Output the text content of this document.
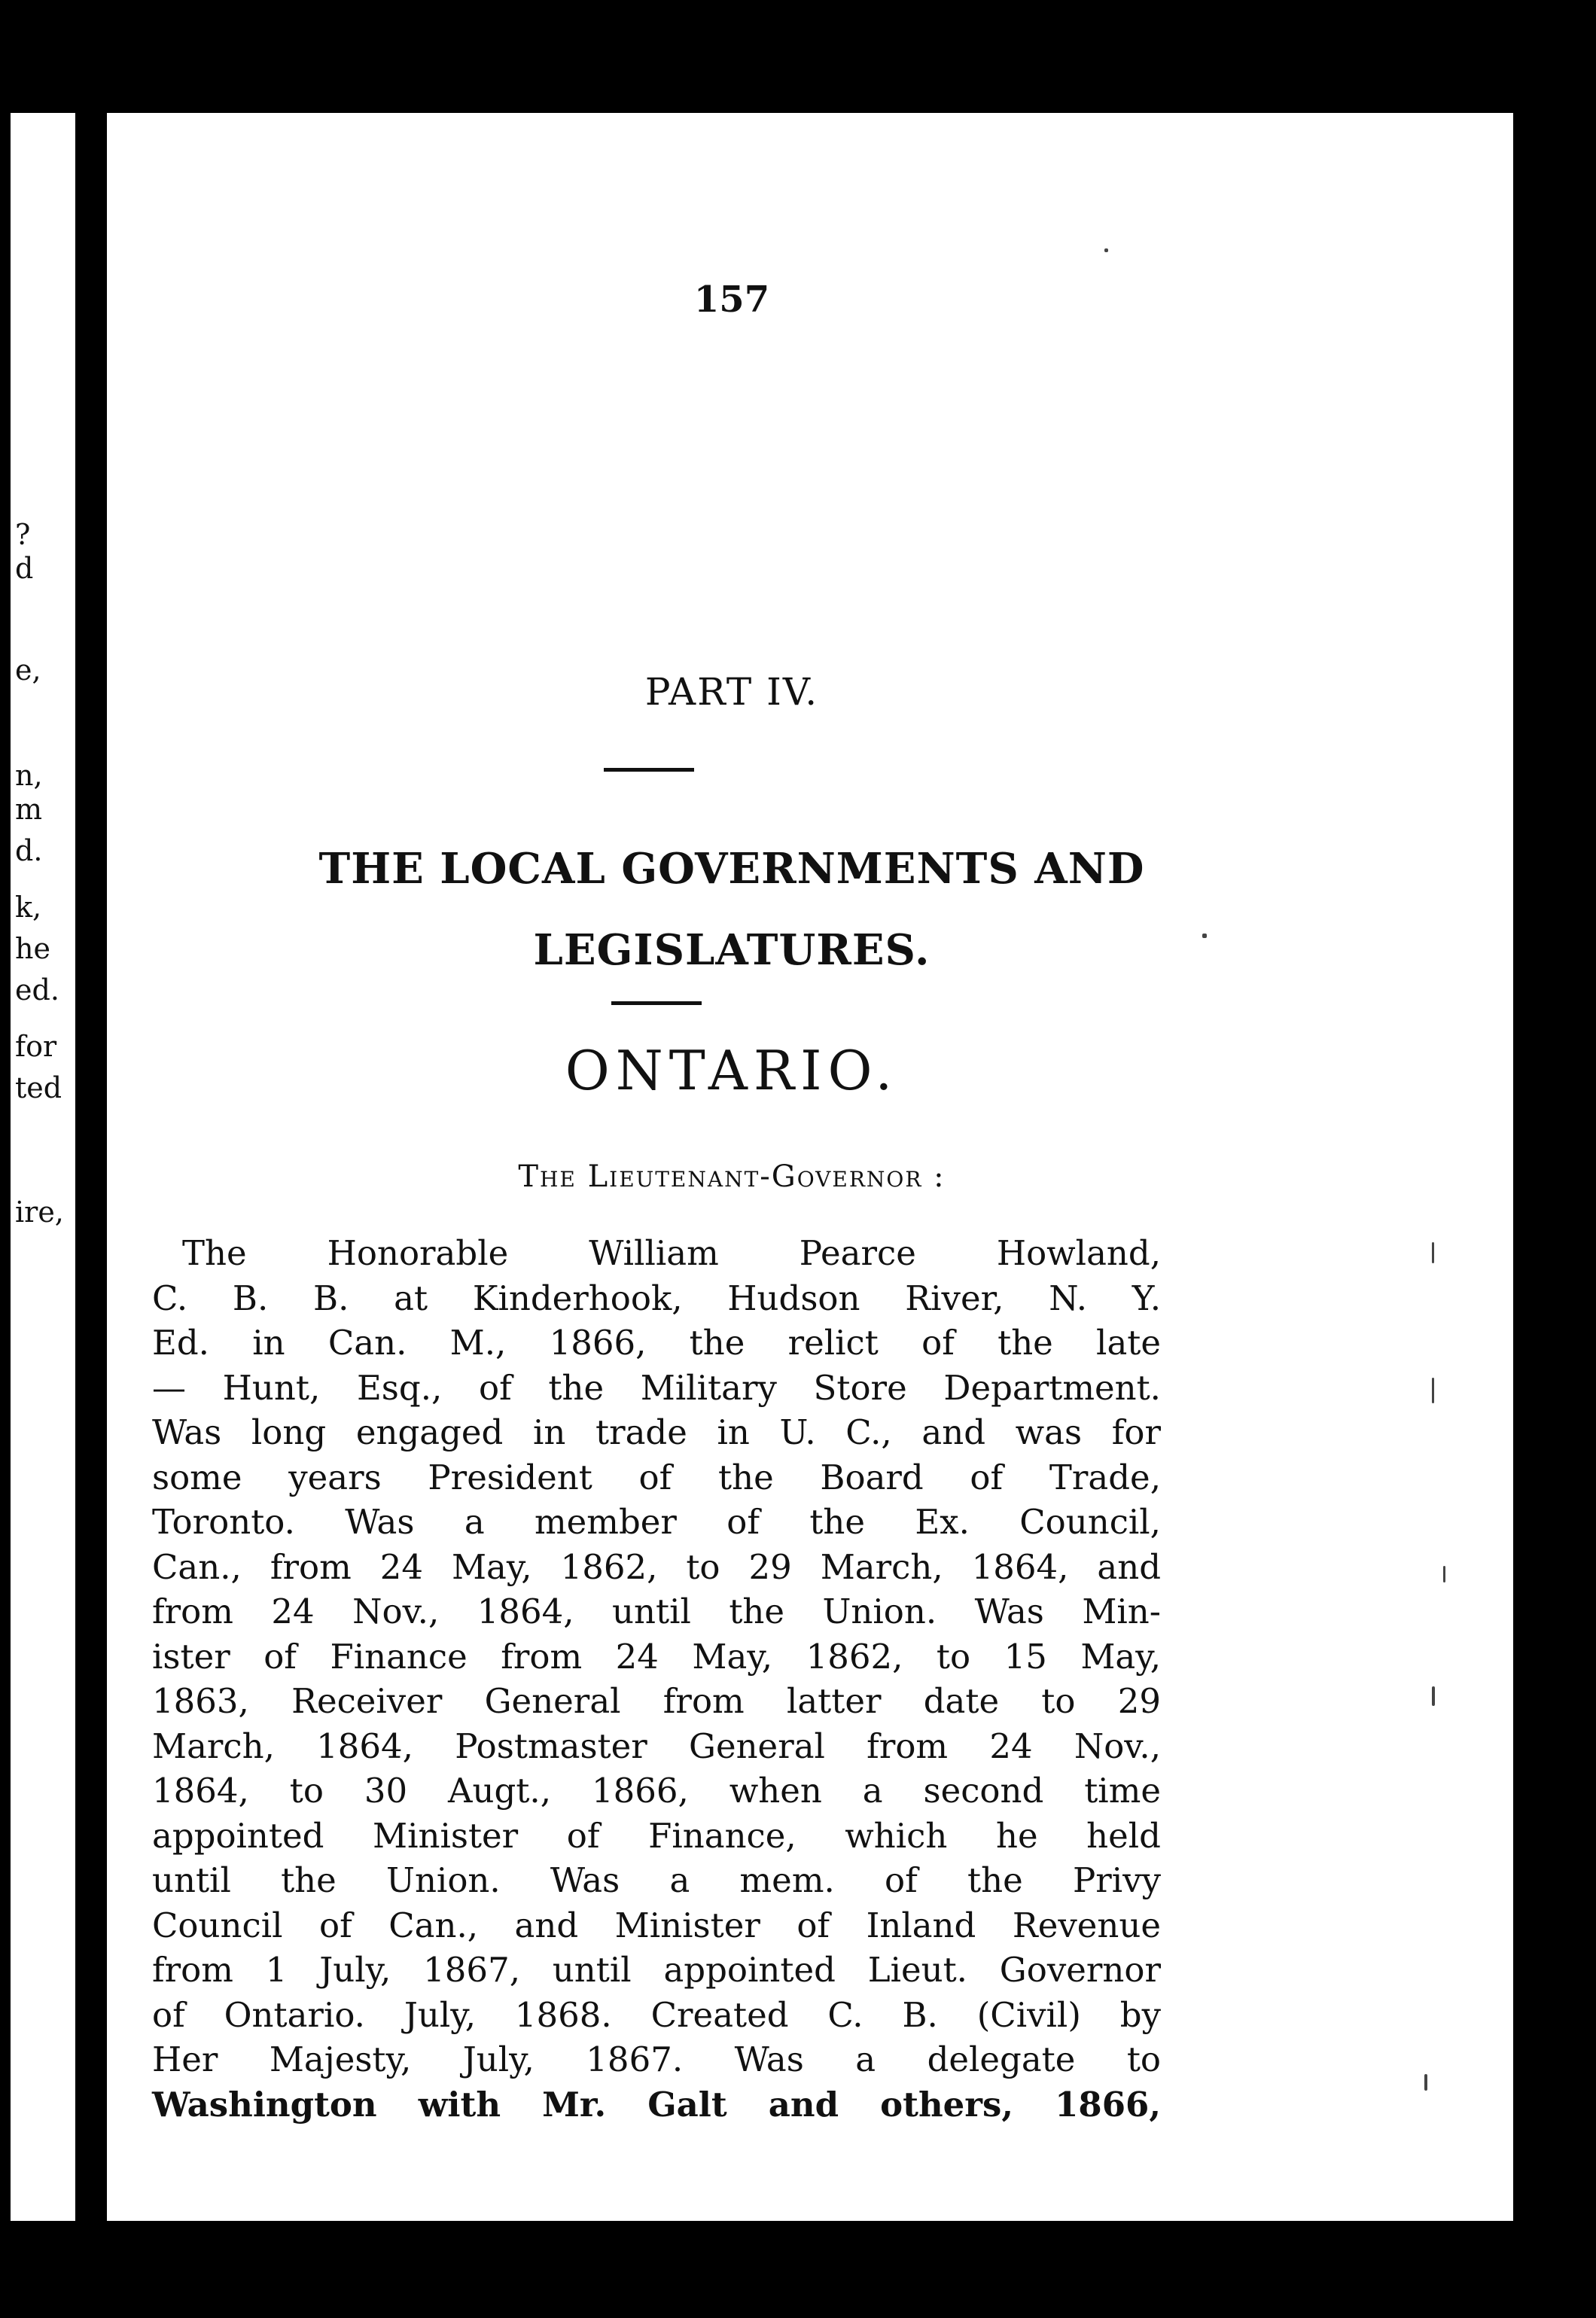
?
d
e,
n,
m
d.
k,
he
ed.
for
ted
ire,
157
PART IV.
THE LOCAL GOVERNMENTS AND
LEGISLATURES.
ONTARIO.
The Lieutenant-Governor :
The Honorable William Pearce Howland,
C. B. B. at Kinderhook, Hudson River, N. Y.
Ed. in Can. M., 1866, the relict of the late
— Hunt, Esq., of the Military Store Department.
Was long engaged in trade in U. C., and was for
some years President of the Board of Trade,
Toronto. Was a member of the Ex. Council,
Can., from 24 May, 1862, to 29 March, 1864, and
from 24 Nov., 1864, until the Union. Was Min-
ister of Finance from 24 May, 1862, to 15 May,
1863, Receiver General from latter date to 29
March, 1864, Postmaster General from 24 Nov.,
1864, to 30 Augt., 1866, when a second time
appointed Minister of Finance, which he held
until the Union. Was a mem. of the Privy
Council of Can., and Minister of Inland Revenue
from 1 July, 1867, until appointed Lieut. Governor
of Ontario. July, 1868. Created C. B. (Civil) by
Her Majesty, July, 1867. Was a delegate to
Washington with Mr. Galt and others, 1866,
